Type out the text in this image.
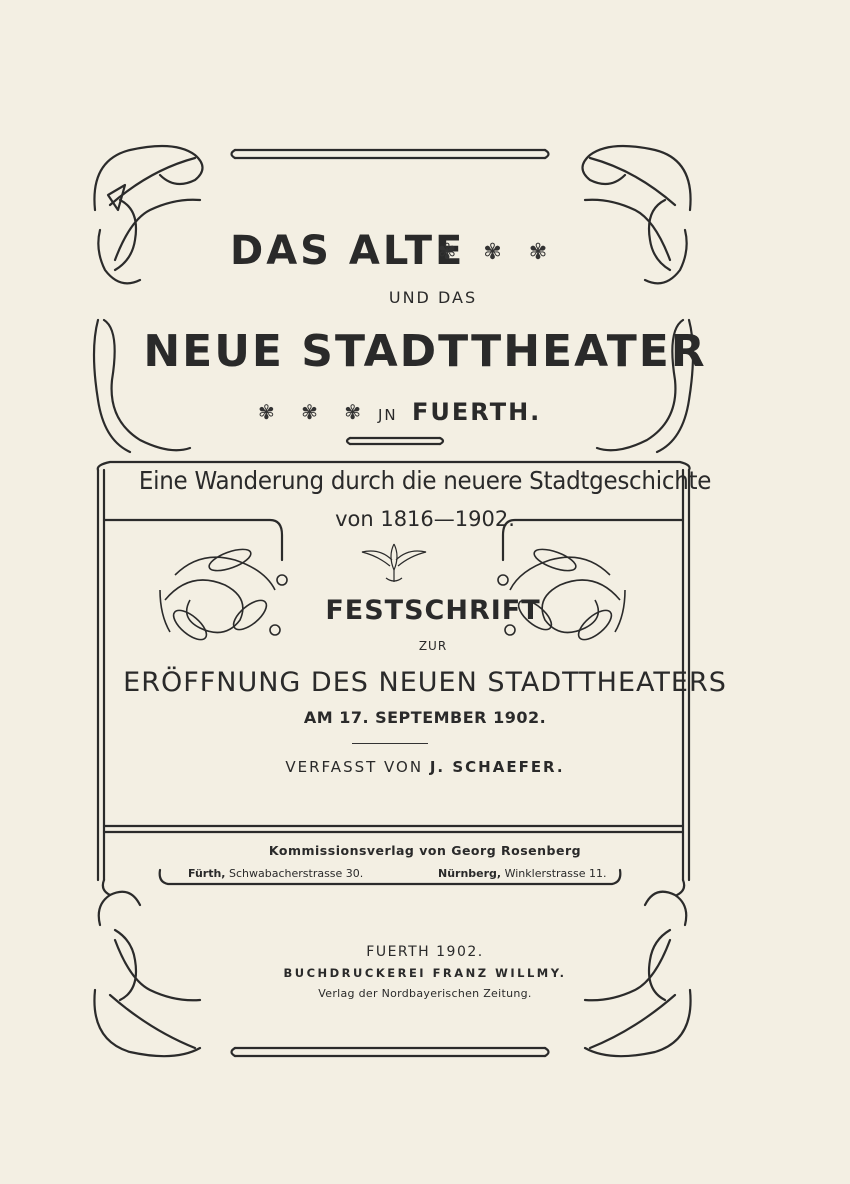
DAS ALTE
✾ ✾ ✾
UND DAS
NEUE STADTTHEATER
✾ ✾ ✾ JN FUERTH.
Eine Wanderung durch die neuere Stadtgeschichte
von 1816—1902.
FESTSCHRIFT
ZUR
ERÖFFNUNG DES NEUEN STADTTHEATERS
AM 17. SEPTEMBER 1902.
VERFASST VON J. SCHAEFER.
Kommissionsverlag von Georg Rosenberg
Fürth, Schwabacherstrasse 30.	Nürnberg, Winklerstrasse 11.
FUERTH 1902.
BUCHDRUCKEREI FRANZ WILLMY.
Verlag der Nordbayerischen Zeitung.
